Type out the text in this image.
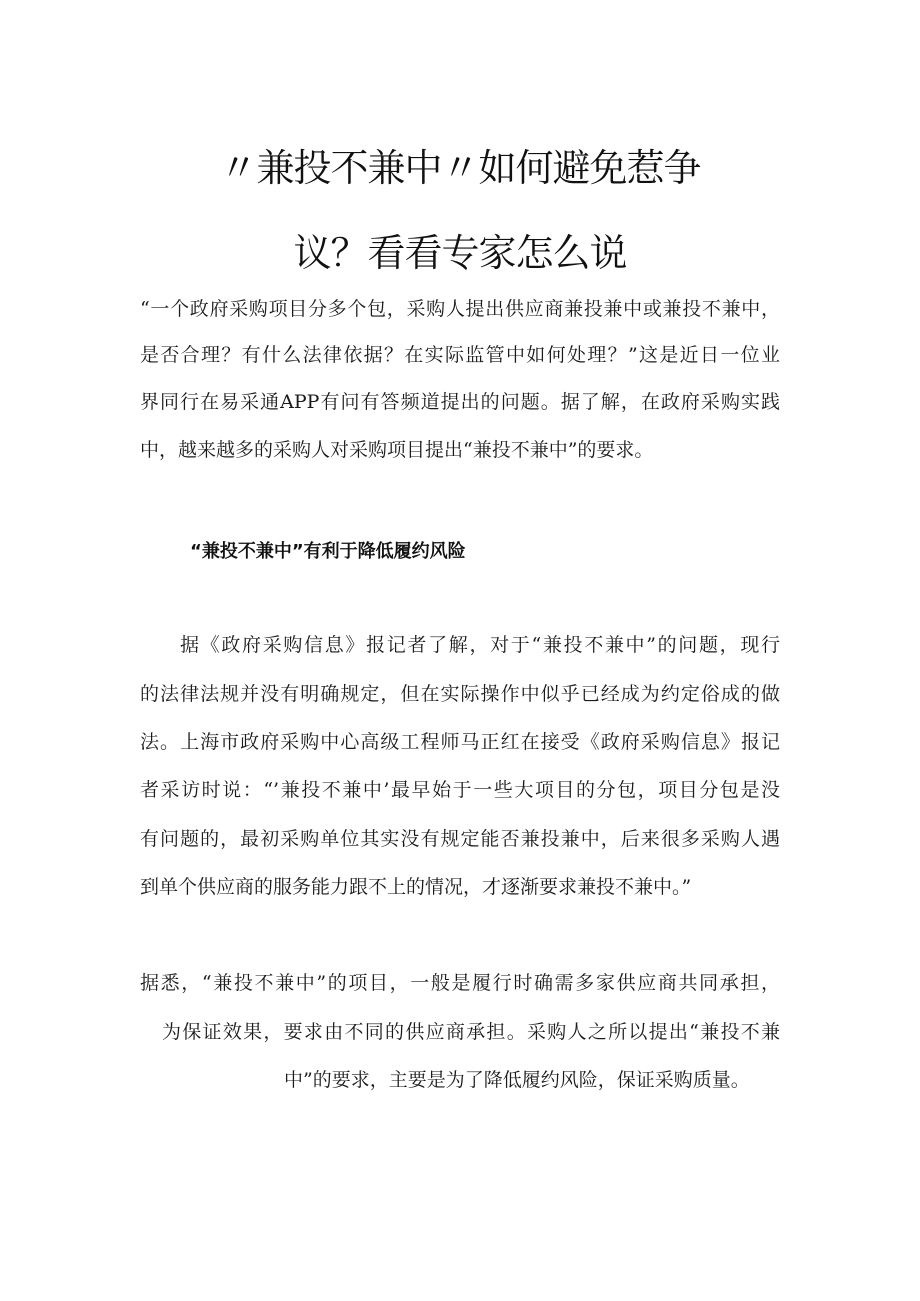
〃兼投不兼中〃如何避免惹争
议？看看专家怎么说
“一个政府采购项目分多个包，采购人提出供应商兼投兼中或兼投不兼中，
是否合理？有什么法律依据？在实际监管中如何处理？”这是近日一位业
界同行在易采通APP有问有答频道提出的问题。据了解，在政府采购实践
中，越来越多的采购人对采购项目提出“兼投不兼中”的要求。
“兼投不兼中”有利于降低履约风险
据《政府采购信息》报记者了解，对于“兼投不兼中”的问题，现行
的法律法规并没有明确规定，但在实际操作中似乎已经成为约定俗成的做
法。上海市政府采购中心高级工程师马正红在接受《政府采购信息》报记
者采访时说：“’兼投不兼中’最早始于一些大项目的分包，项目分包是没
有问题的，最初采购单位其实没有规定能否兼投兼中，后来很多采购人遇
到单个供应商的服务能力跟不上的情况，才逐渐要求兼投不兼中。”
据悉，“兼投不兼中”的项目，一般是履行时确需多家供应商共同承担，
为保证效果，要求由不同的供应商承担。采购人之所以提出“兼投不兼
中”的要求，主要是为了降低履约风险，保证采购质量。
